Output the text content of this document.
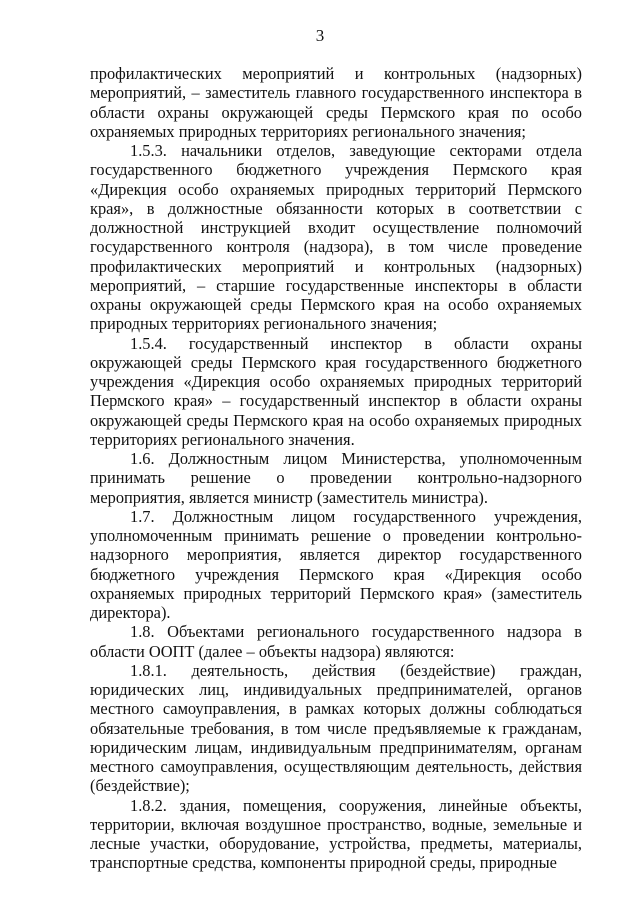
3

профилактических мероприятий и контрольных (надзорных) мероприятий, – заместитель главного государственного инспектора в области охраны окружающей среды Пермского края по особо охраняемых природных территориях регионального значения;

1.5.3. начальники отделов, заведующие секторами отдела государственного бюджетного учреждения Пермского края «Дирекция особо охраняемых природных территорий Пермского края», в должностные обязанности которых в соответствии с должностной инструкцией входит осуществление полномочий государственного контроля (надзора), в том числе проведение профилактических мероприятий и контрольных (надзорных) мероприятий, – старшие государственные инспекторы в области охраны окружающей среды Пермского края на особо охраняемых природных территориях регионального значения;

1.5.4. государственный инспектор в области охраны окружающей среды Пермского края государственного бюджетного учреждения «Дирекция особо охраняемых природных территорий Пермского края» – государственный инспектор в области охраны окружающей среды Пермского края на особо охраняемых природных территориях регионального значения.

1.6. Должностным лицом Министерства, уполномоченным принимать решение о проведении контрольно-надзорного мероприятия, является министр (заместитель министра).

1.7. Должностным лицом государственного учреждения, уполномоченным принимать решение о проведении контрольно-надзорного мероприятия, является директор государственного бюджетного учреждения Пермского края «Дирекция особо охраняемых природных территорий Пермского края» (заместитель директора).

1.8. Объектами регионального государственного надзора в области ООПТ (далее – объекты надзора) являются:

1.8.1. деятельность, действия (бездействие) граждан, юридических лиц, индивидуальных предпринимателей, органов местного самоуправления, в рамках которых должны соблюдаться обязательные требования, в том числе предъявляемые к гражданам, юридическим лицам, индивидуальным предпринимателям, органам местного самоуправления, осуществляющим деятельность, действия (бездействие);

1.8.2. здания, помещения, сооружения, линейные объекты, территории, включая воздушное пространство, водные, земельные и лесные участки, оборудование, устройства, предметы, материалы, транспортные средства, компоненты природной среды, природные
